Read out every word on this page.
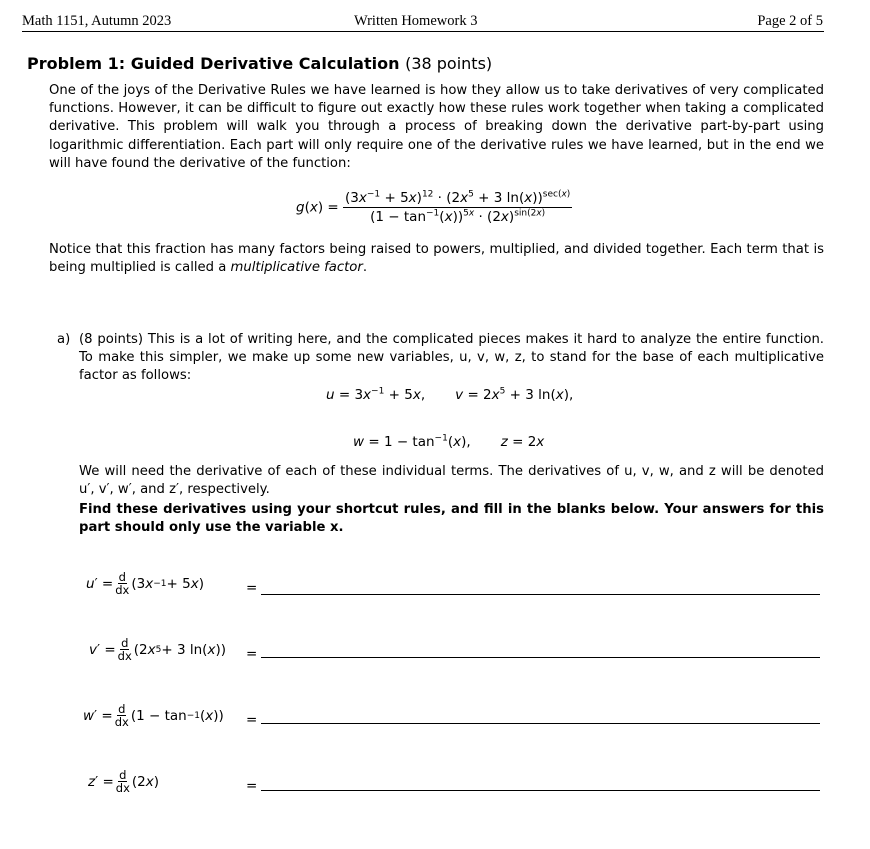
Math 1151, Autumn 2023	Written Homework 3	Page 2 of 5
Problem 1: Guided Derivative Calculation (38 points)
One of the joys of the Derivative Rules we have learned is how they allow us to take derivatives of very complicated functions. However, it can be difficult to figure out exactly how these rules work together when taking a complicated derivative. This problem will walk you through a process of breaking down the derivative part-by-part using logarithmic differentiation. Each part will only require one of the derivative rules we have learned, but in the end we will have found the derivative of the function:
$g(x) = \frac{(3x^{-1} + 5x)^{12} \cdot (2x^5 + 3 \ln(x))^{sec(x)}}{(1 - \tan^{-1}(x))^{5x} \cdot (2x)^{sin(2x)}}$
Notice that this fraction has many factors being raised to powers, multiplied, and divided together. Each term that is being multiplied is called a multiplicative factor.
a) (8 points) This is a lot of writing here, and the complicated pieces makes it hard to analyze the entire function. To make this simpler, we make up some new variables, u, v, w, z, to stand for the base of each multiplicative factor as follows:
$u = 3x^{-1} + 5x$,       $v = 2x^5 + 3$ ln(x),
$w = 1 - \tan^{-1}(x)$,       z = 2x
We will need the derivative of each of these individual terms. The derivatives of u, v, w, and z will be denoted u′, v′, w′, and z′, respectively.
Find these derivatives using your shortcut rules, and fill in the blanks below. Your answers for this part should only use the variable x.
u ′ = d
dx (3 x −1 + 5 x )	=
v ′ = d
dx (2 x 5 + 3 ln( x )) =
w ′ = d
dx (1 − tan −1 ( x )) =
z ′ = d
dx (2 x )	=
